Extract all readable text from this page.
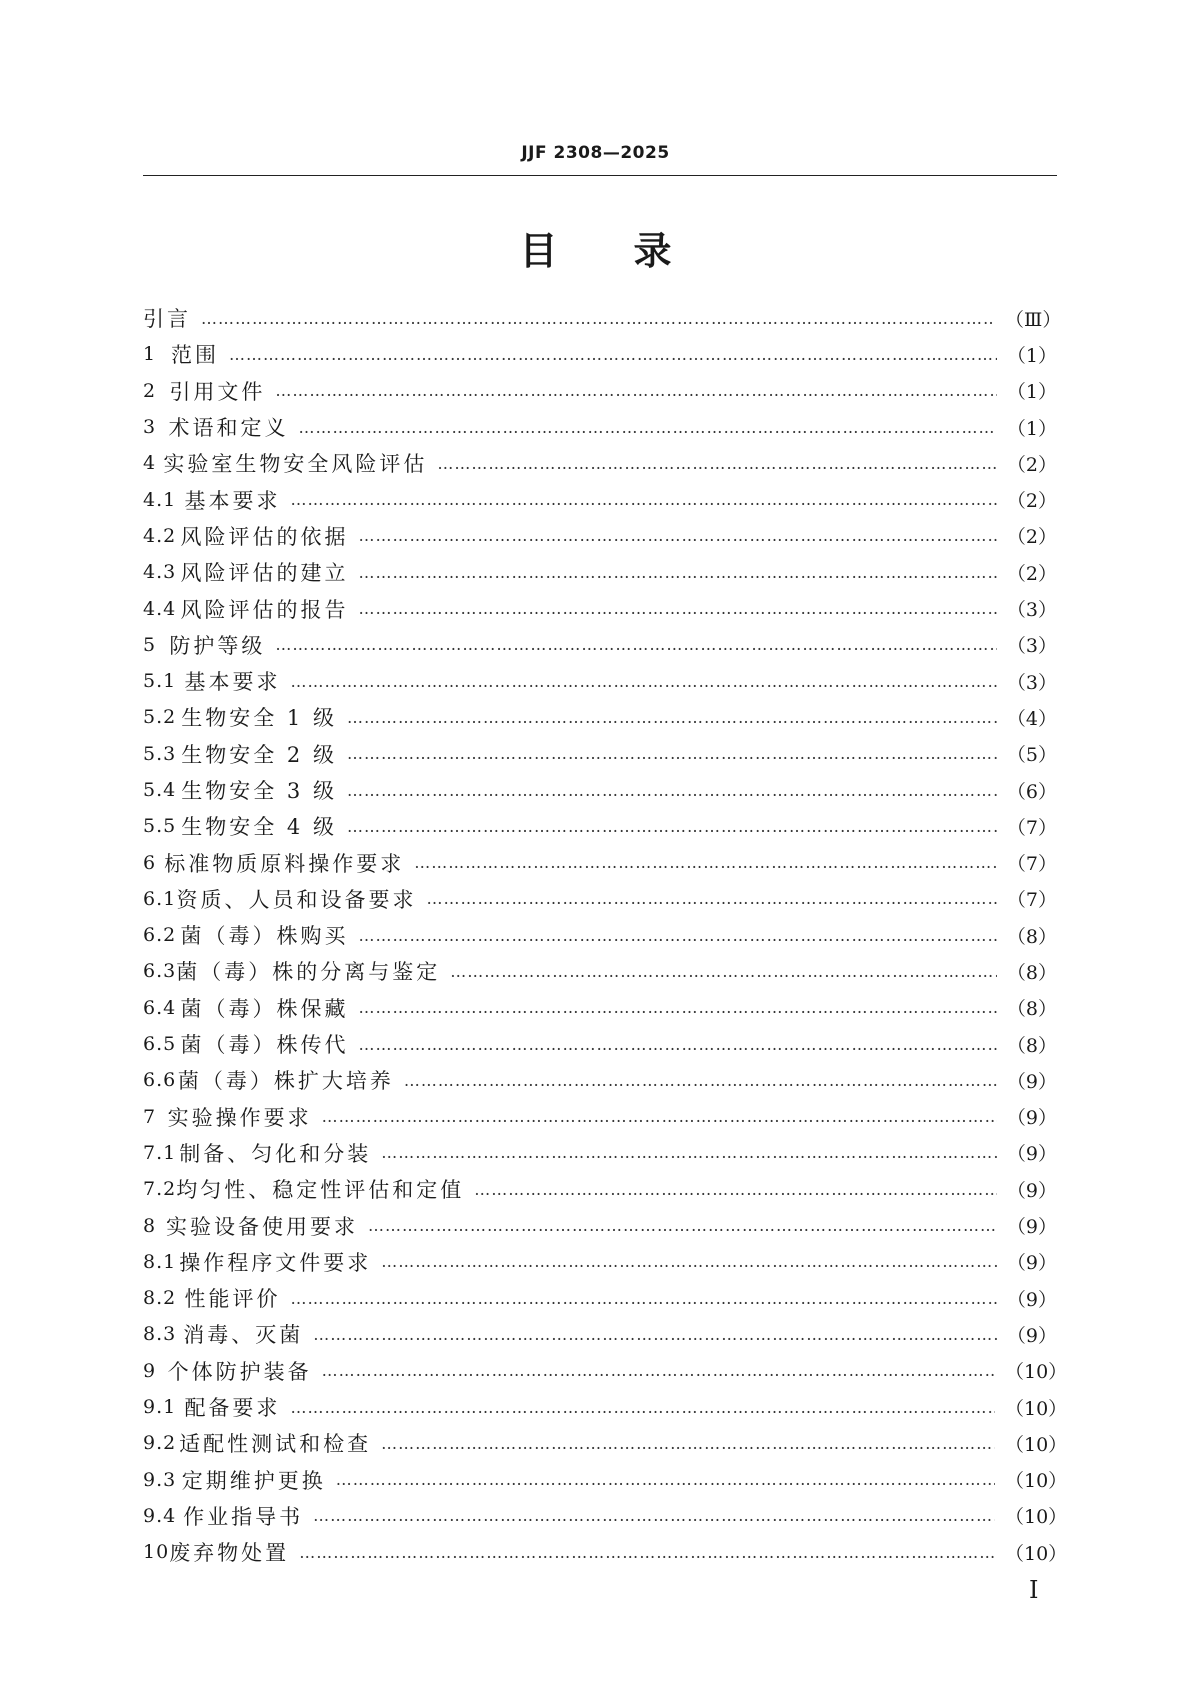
JJF 2308—2025
目　　录
引言 …………………………………………………………………………………………………………………………………………………………	（Ⅲ）
1 范围 …………………………………………………………………………………………………………………………………………………………	（1）
2 引用文件 …………………………………………………………………………………………………………………………………………………………	（1）
3 术语和定义 …………………………………………………………………………………………………………………………………………………………	（1）
4 实验室生物安全风险评估 …………………………………………………………………………………………………………………………………………………………	（2）
4.1 基本要求 …………………………………………………………………………………………………………………………………………………………	（2）
4.2 风险评估的依据 …………………………………………………………………………………………………………………………………………………………	（2）
4.3 风险评估的建立 …………………………………………………………………………………………………………………………………………………………	（2）
4.4 风险评估的报告 …………………………………………………………………………………………………………………………………………………………	（3）
5 防护等级 …………………………………………………………………………………………………………………………………………………………	（3）
5.1 基本要求 …………………………………………………………………………………………………………………………………………………………	（3）
5.2 生物安全 1 级 …………………………………………………………………………………………………………………………………………………………	（4）
5.3 生物安全 2 级 …………………………………………………………………………………………………………………………………………………………	（5）
5.4 生物安全 3 级 …………………………………………………………………………………………………………………………………………………………	（6）
5.5 生物安全 4 级 …………………………………………………………………………………………………………………………………………………………	（7）
6 标准物质原料操作要求 …………………………………………………………………………………………………………………………………………………………	（7）
6.1 资质、人员和设备要求 …………………………………………………………………………………………………………………………………………………………	（7）
6.2 菌（毒）株购买 …………………………………………………………………………………………………………………………………………………………	（8）
6.3 菌（毒）株的分离与鉴定 …………………………………………………………………………………………………………………………………………………………	（8）
6.4 菌（毒）株保藏 …………………………………………………………………………………………………………………………………………………………	（8）
6.5 菌（毒）株传代 …………………………………………………………………………………………………………………………………………………………	（8）
6.6 菌（毒）株扩大培养 …………………………………………………………………………………………………………………………………………………………	（9）
7 实验操作要求 …………………………………………………………………………………………………………………………………………………………	（9）
7.1 制备、匀化和分装 …………………………………………………………………………………………………………………………………………………………	（9）
7.2 均匀性、稳定性评估和定值 …………………………………………………………………………………………………………………………………………………………	（9）
8 实验设备使用要求 …………………………………………………………………………………………………………………………………………………………	（9）
8.1 操作程序文件要求 …………………………………………………………………………………………………………………………………………………………	（9）
8.2 性能评价 …………………………………………………………………………………………………………………………………………………………	（9）
8.3 消毒、灭菌 …………………………………………………………………………………………………………………………………………………………	（9）
9 个体防护装备 …………………………………………………………………………………………………………………………………………………………	（10）
9.1 配备要求 …………………………………………………………………………………………………………………………………………………………	（10）
9.2 适配性测试和检查 …………………………………………………………………………………………………………………………………………………………	（10）
9.3 定期维护更换 …………………………………………………………………………………………………………………………………………………………	（10）
9.4 作业指导书 …………………………………………………………………………………………………………………………………………………………	（10）
10 废弃物处置 …………………………………………………………………………………………………………………………………………………………	（10）
Ⅰ
